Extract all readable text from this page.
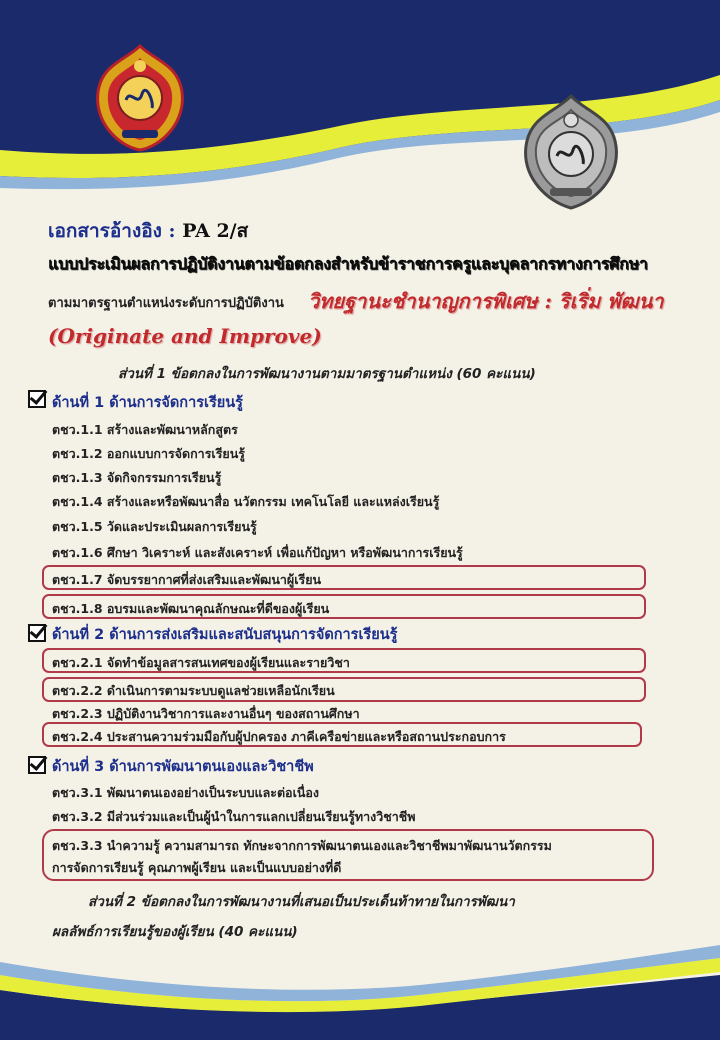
เอกสารอ้างอิง : PA 2/ส
แบบประเมินผลการปฏิบัติงานตามข้อตกลงสำหรับข้าราชการครูและบุคลากรทางการศึกษา
ตามมาตรฐานตำแหน่งระดับการปฏิบัติงาน วิทยฐานะชำนาญการพิเศษ : ริเริ่ม พัฒนา
(Originate and Improve)
ส่วนที่ 1 ข้อตกลงในการพัฒนางานตามมาตรฐานตำแหน่ง (60 คะแนน)
ด้านที่ 1 ด้านการจัดการเรียนรู้
ตชว.1.1 สร้างและพัฒนาหลักสูตร
ตชว.1.2 ออกแบบการจัดการเรียนรู้
ตชว.1.3 จัดกิจกรรมการเรียนรู้
ตชว.1.4 สร้างและหรือพัฒนาสื่อ นวัตกรรม เทคโนโลยี และแหล่งเรียนรู้
ตชว.1.5 วัดและประเมินผลการเรียนรู้
ตชว.1.6 ศึกษา วิเคราะห์ และสังเคราะห์ เพื่อแก้ปัญหา หรือพัฒนาการเรียนรู้
ตชว.1.7 จัดบรรยากาศที่ส่งเสริมและพัฒนาผู้เรียน
ตชว.1.8 อบรมและพัฒนาคุณลักษณะที่ดีของผู้เรียน
ด้านที่ 2 ด้านการส่งเสริมและสนับสนุนการจัดการเรียนรู้
ตชว.2.1 จัดทำข้อมูลสารสนเทศของผู้เรียนและรายวิชา
ตชว.2.2 ดำเนินการตามระบบดูแลช่วยเหลือนักเรียน
ตชว.2.3 ปฏิบัติงานวิชาการและงานอื่นๆ ของสถานศึกษา
ตชว.2.4 ประสานความร่วมมือกับผู้ปกครอง ภาคีเครือข่ายและหรือสถานประกอบการ
ด้านที่ 3 ด้านการพัฒนาตนเองและวิชาชีพ
ตชว.3.1 พัฒนาตนเองอย่างเป็นระบบและต่อเนื่อง
ตชว.3.2 มีส่วนร่วมและเป็นผู้นำในการแลกเปลี่ยนเรียนรู้ทางวิชาชีพ
ตชว.3.3 นำความรู้ ความสามารถ ทักษะจากการพัฒนาตนเองและวิชาชีพมาพัฒนานวัตกรรม
การจัดการเรียนรู้ คุณภาพผู้เรียน และเป็นแบบอย่างที่ดี
ส่วนที่ 2 ข้อตกลงในการพัฒนางานที่เสนอเป็นประเด็นท้าทายในการพัฒนา
ผลลัพธ์การเรียนรู้ของผู้เรียน (40 คะแนน)
